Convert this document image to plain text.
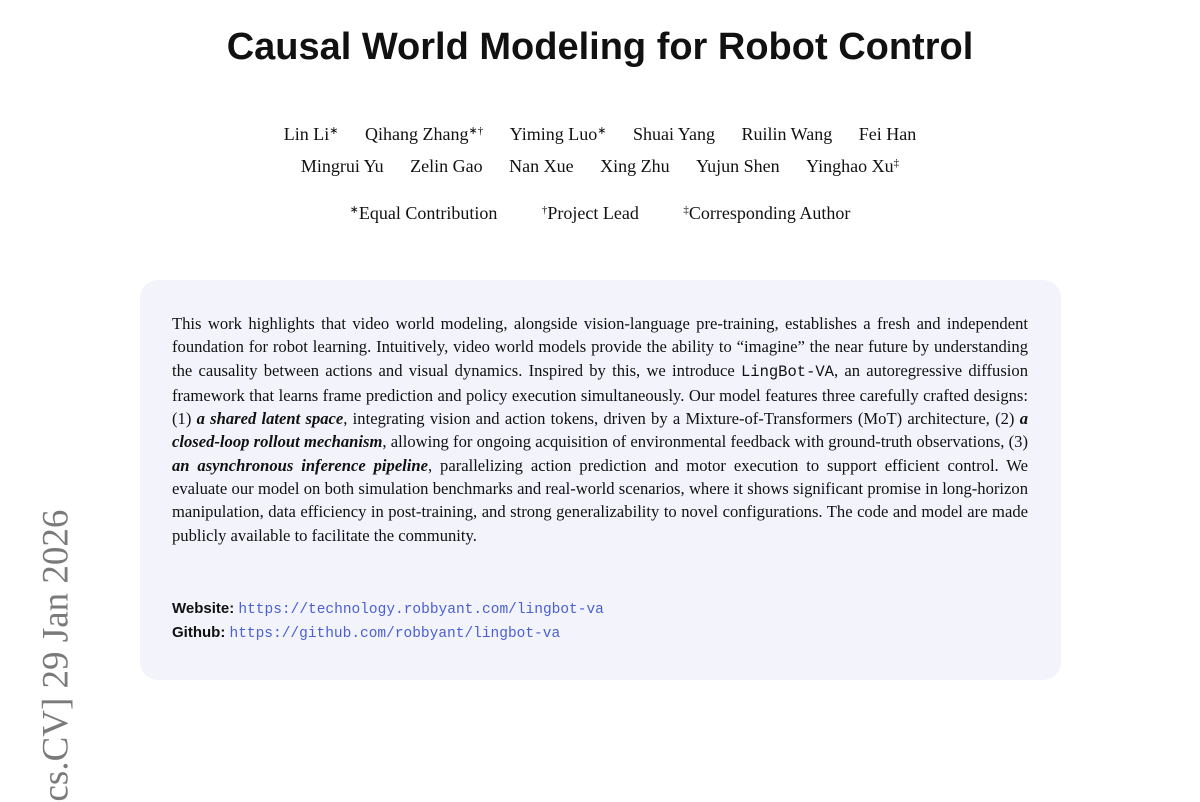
cs.CV] 29 Jan 2026
Causal World Modeling for Robot Control
Lin Li∗ Qihang Zhang∗† Yiming Luo∗ Shuai Yang Ruilin Wang Fei Han
Mingrui Yu Zelin Gao Nan Xue Xing Zhu Yujun Shen Yinghao Xu‡
∗Equal Contribution	†Project Lead	‡Corresponding Author

This work highlights that video world modeling, alongside vision-language pre-training, establishes a fresh and independent foundation for robot learning. Intuitively, video world models provide the ability to “imagine” the near future by understanding the causality between actions and visual dynamics. Inspired by this, we introduce LingBot-VA, an autoregressive diffusion framework that learns frame prediction and policy execution simultaneously. Our model features three carefully crafted designs: (1) a shared latent space, integrating vision and action tokens, driven by a Mixture-of-Transformers (MoT) architecture, (2) a closed-loop rollout mechanism, allowing for ongoing acquisition of environmental feedback with ground-truth observations, (3) an asynchronous inference pipeline, parallelizing action prediction and motor execution to support efficient control. We evaluate our model on both simulation benchmarks and real-world scenarios, where it shows significant promise in long-horizon manipulation, data efficiency in post-training, and strong generalizability to novel configurations. The code and model are made publicly available to facilitate the community.

Website: https://technology.robbyant.com/lingbot-va
Github: https://github.com/robbyant/lingbot-va
